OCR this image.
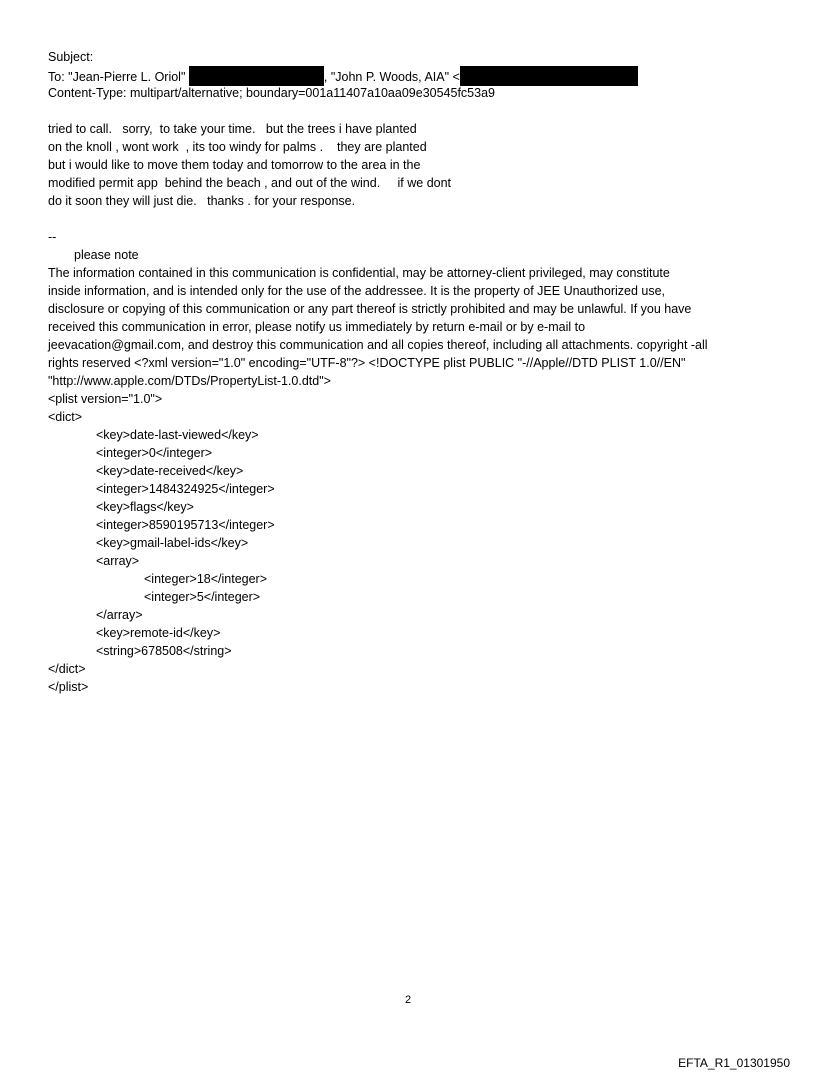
Subject:
To: "Jean-Pierre L. Oriol"	, "John P. Woods, AIA" <
Content-Type: multipart/alternative; boundary=001a11407a10aa09e30545fc53a9
tried to call.   sorry,  to take your time.   but the trees i have planted
on the knoll , wont work  , its too windy for palms .    they are planted
but i would like to move them today and tomorrow to the area in the
modified permit app  behind the beach , and out of the wind.     if we dont
do it soon they will just die.   thanks . for your response.
--
please note
The information contained in this communication is confidential, may be attorney-client privileged, may constitute
inside information, and is intended only for the use of the addressee. It is the property of JEE Unauthorized use,
disclosure or copying of this communication or any part thereof is strictly prohibited and may be unlawful. If you have
received this communication in error, please notify us immediately by return e-mail or by e-mail to
jeevacation@gmail.com, and destroy this communication and all copies thereof, including all attachments. copyright -all
rights reserved <?xml version="1.0" encoding="UTF-8"?> <!DOCTYPE plist PUBLIC "-//Apple//DTD PLIST 1.0//EN"
"http://www.apple.com/DTDs/PropertyList-1.0.dtd">
<plist version="1.0">
<dict>
<key>date-last-viewed</key>
<integer>0</integer>
<key>date-received</key>
<integer>1484324925</integer>
<key>flags</key>
<integer>8590195713</integer>
<key>gmail-label-ids</key>
<array>
<integer>18</integer>
<integer>5</integer>
</array>
<key>remote-id</key>
<string>678508</string>
</dict>
</plist>
2
EFTA_R1_01301950
